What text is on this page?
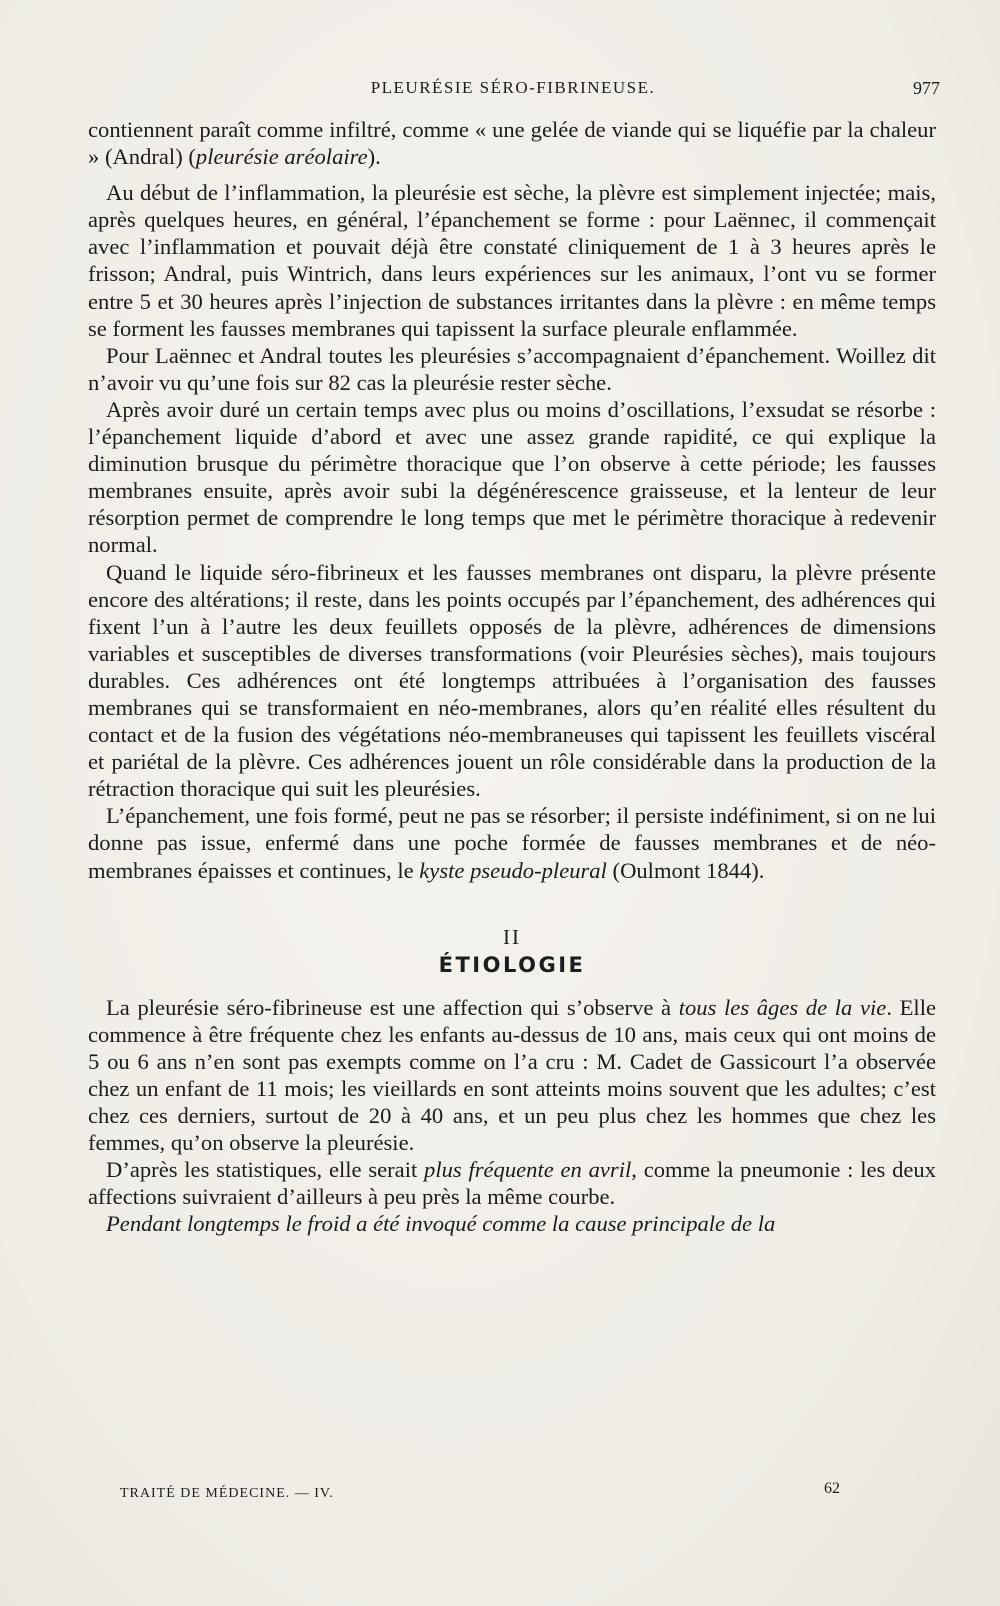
PLEURÉSIE SÉRO-FIBRINEUSE.	977

contiennent paraît comme infiltré, comme « une gelée de viande qui se liquéfie par la chaleur » (Andral) (pleurésie aréolaire).

Au début de l’inflammation, la pleurésie est sèche, la plèvre est simplement injectée; mais, après quelques heures, en général, l’épanchement se forme : pour Laënnec, il commençait avec l’inflammation et pouvait déjà être constaté cliniquement de 1 à 3 heures après le frisson; Andral, puis Wintrich, dans leurs expériences sur les animaux, l’ont vu se former entre 5 et 30 heures après l’injection de substances irritantes dans la plèvre : en même temps se forment les fausses membranes qui tapissent la surface pleurale enflammée.

Pour Laënnec et Andral toutes les pleurésies s’accompagnaient d’épanchement. Woillez dit n’avoir vu qu’une fois sur 82 cas la pleurésie rester sèche.

Après avoir duré un certain temps avec plus ou moins d’oscillations, l’exsudat se résorbe : l’épanchement liquide d’abord et avec une assez grande rapidité, ce qui explique la diminution brusque du périmètre thoracique que l’on observe à cette période; les fausses membranes ensuite, après avoir subi la dégénérescence graisseuse, et la lenteur de leur résorption permet de comprendre le long temps que met le périmètre thoracique à redevenir normal.

Quand le liquide séro-fibrineux et les fausses membranes ont disparu, la plèvre présente encore des altérations; il reste, dans les points occupés par l’épanchement, des adhérences qui fixent l’un à l’autre les deux feuillets opposés de la plèvre, adhérences de dimensions variables et susceptibles de diverses transformations (voir Pleurésies sèches), mais toujours durables. Ces adhérences ont été longtemps attribuées à l’organisation des fausses membranes qui se transformaient en néo-membranes, alors qu’en réalité elles résultent du contact et de la fusion des végétations néo-membraneuses qui tapissent les feuillets viscéral et pariétal de la plèvre. Ces adhérences jouent un rôle considérable dans la production de la rétraction thoracique qui suit les pleurésies.

L’épanchement, une fois formé, peut ne pas se résorber; il persiste indéfiniment, si on ne lui donne pas issue, enfermé dans une poche formée de fausses membranes et de néo-membranes épaisses et continues, le kyste pseudo-pleural (Oulmont 1844).

II
ÉTIOLOGIE

La pleurésie séro-fibrineuse est une affection qui s’observe à tous les âges de la vie. Elle commence à être fréquente chez les enfants au-dessus de 10 ans, mais ceux qui ont moins de 5 ou 6 ans n’en sont pas exempts comme on l’a cru : M. Cadet de Gassicourt l’a observée chez un enfant de 11 mois; les vieillards en sont atteints moins souvent que les adultes; c’est chez ces derniers, surtout de 20 à 40 ans, et un peu plus chez les hommes que chez les femmes, qu’on observe la pleurésie.

D’après les statistiques, elle serait plus fréquente en avril, comme la pneumonie : les deux affections suivraient d’ailleurs à peu près la même courbe.

Pendant longtemps le froid a été invoqué comme la cause principale de la

TRAITÉ DE MÉDECINE. — IV.	62
